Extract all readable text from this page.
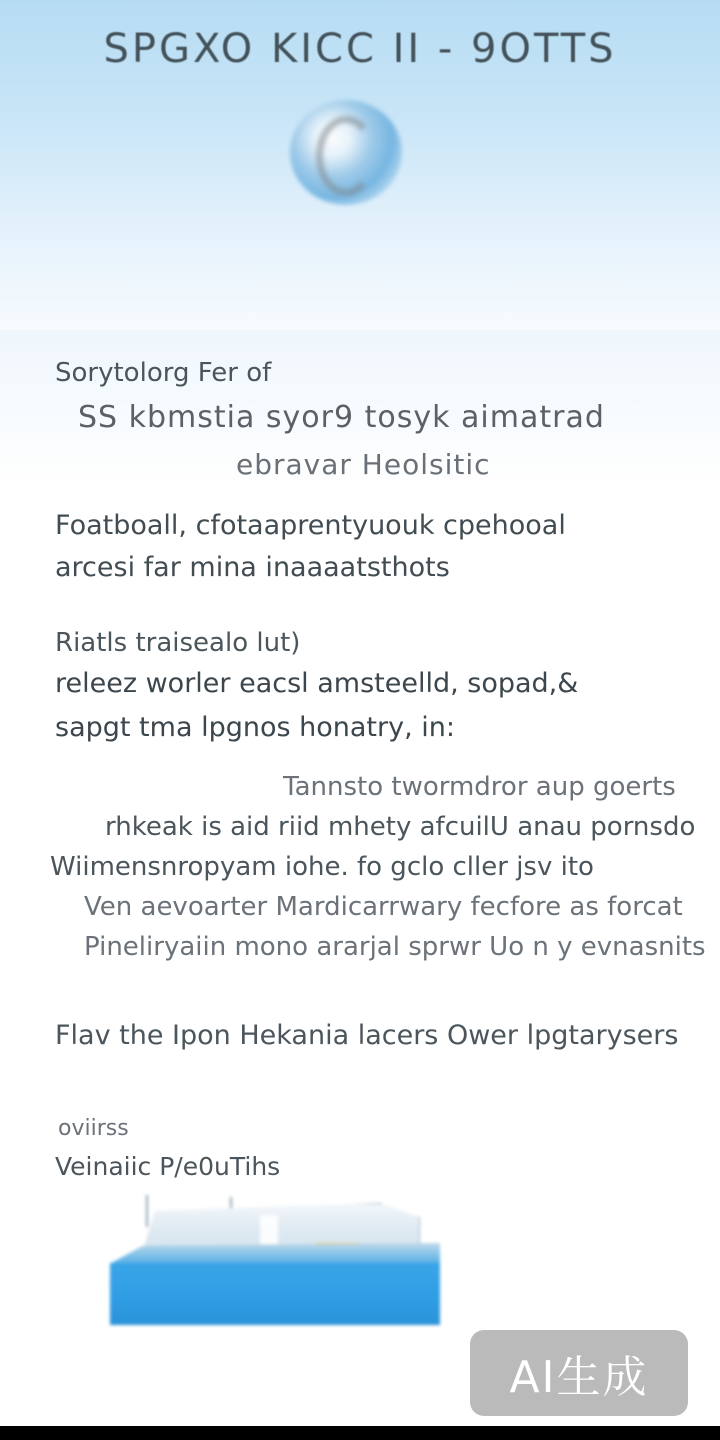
SPGXO KICC II - 9OTTS
Sorytolorg Fer of
SS kbmstia syor9 tosyk aimatrad
ebravar Heolsitic
Foatboall, cfotaaprentyuouk cpehooal
arcesi far mina inaaaatsthots
Riatls traisealo lut)
releez worler eacsl amsteelld, sopad,&
sapgt tma lpgnos honatry, in:
Tannsto twormdror aup goerts
rhkeak is aid riid mhety afcuilU anau pornsdo
Wiimensnropyam iohe. fo gclo cller jsv ito
Ven aevoarter Mardicarrwary fecfore as forcat
Pineliryaiin mono ararjal sprwr Uo n y evnasnits
Flav the Ipon Hekania lacers Ower lpgtarysers
oviirss
Veinaiic P/e0uTihs
AI生成
